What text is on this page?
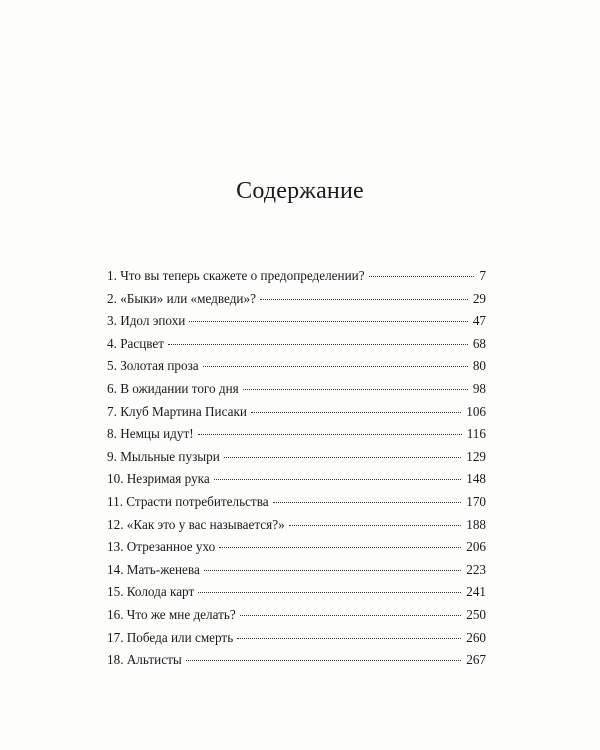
Содержание
1. Что вы теперь скажете о предопределении?	7
2. «Быки» или «медведи»?	29
3. Идол эпохи	47
4. Расцвет	68
5. Золотая проза	80
6. В ожидании того дня	98
7. Клуб Мартина Писаки	106
8. Немцы идут!	116
9. Мыльные пузыри	129
10. Незримая рука	148
11. Страсти потребительства	170
12. «Как это у вас называется?»	188
13. Отрезанное ухо	206
14. Мать-женева	223
15. Колода карт	241
16. Что же мне делать?	250
17. Победа или смерть	260
18. Альтисты	267
